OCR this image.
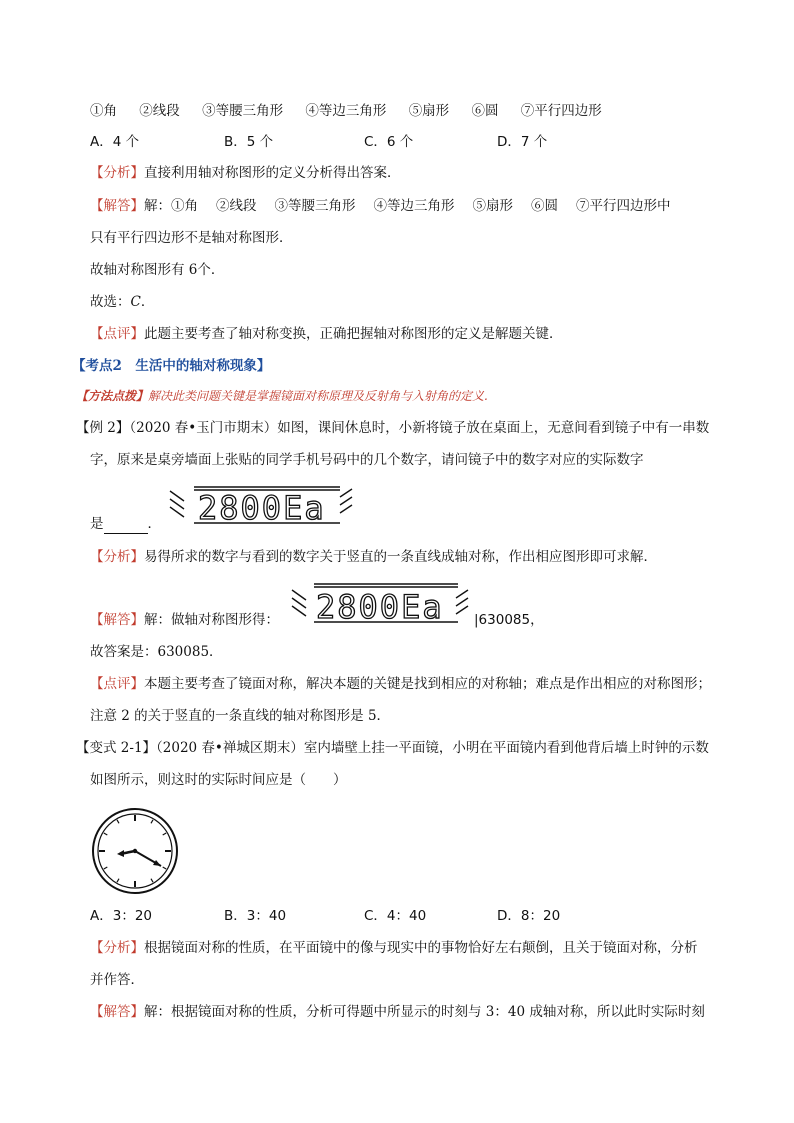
①角 ②线段 ③等腰三角形 ④等边三角形 ⑤扇形 ⑥圆 ⑦平行四边形
A．4 个	B．5 个	C．6 个	D．7 个
【分析】直接利用轴对称图形的定义分析得出答案．
【解答】解：①角 ②线段 ③等腰三角形 ④等边三角形 ⑤扇形 ⑥圆 ⑦平行四边形中
只有平行四边形不是轴对称图形．
故轴对称图形有 6个．
故选：C．
【点评】此题主要考查了轴对称变换，正确把握轴对称图形的定义是解题关键．
【考点2　生活中的轴对称现象】
【方法点拨】解决此类问题关键是掌握镜面对称原理及反射角与入射角的定义.
【例 2】（2020 春•玉门市期末）如图，课间休息时，小新将镜子放在桌面上，无意间看到镜子中有一串数
字，原来是桌旁墙面上张贴的同学手机号码中的几个数字，请问镜子中的数字对应的实际数字
是	． 2800Ea
【分析】易得所求的数字与看到的数字关于竖直的一条直线成轴对称，作出相应图形即可求解．
【解答】解：做轴对称图形得： 2800Ea |630085，
故答案是：630085．
【点评】本题主要考查了镜面对称，解决本题的关键是找到相应的对称轴；难点是作出相应的对称图形；
注意 2 的关于竖直的一条直线的轴对称图形是 5．
【变式 2-1】（2020 春•禅城区期末）室内墙壁上挂一平面镜，小明在平面镜内看到他背后墙上时钟的示数
如图所示，则这时的实际时间应是（　　）
A．3：20	B．3：40	C．4：40	D．8：20
【分析】根据镜面对称的性质，在平面镜中的像与现实中的事物恰好左右颠倒，且关于镜面对称，分析
并作答．
【解答】解：根据镜面对称的性质，分析可得题中所显示的时刻与 3：40 成轴对称，所以此时实际时刻
